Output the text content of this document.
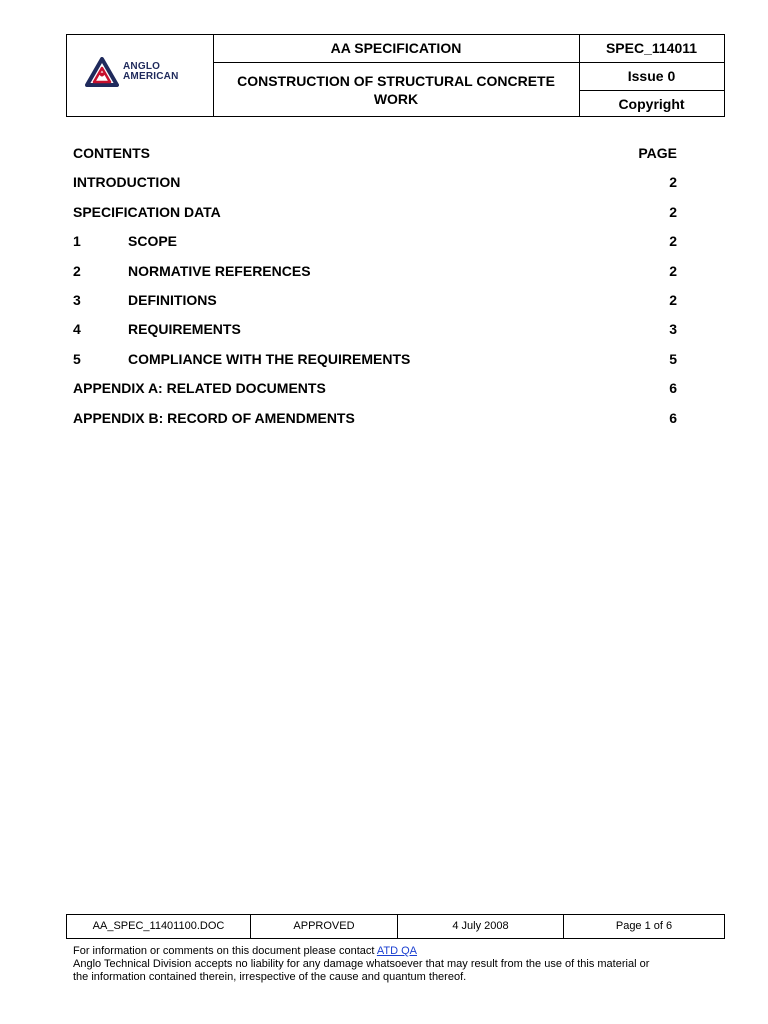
ANGLO
AMERICAN
AA SPECIFICATION
CONSTRUCTION OF STRUCTURAL CONCRETE WORK
SPEC_114011
Issue 0
Copyright
CONTENTS	PAGE
INTRODUCTION	2
SPECIFICATION DATA	2
1	SCOPE	2
2	NORMATIVE REFERENCES	2
3	DEFINITIONS	2
4	REQUIREMENTS	3
5	COMPLIANCE WITH THE REQUIREMENTS	5
APPENDIX A: RELATED DOCUMENTS	6
APPENDIX B: RECORD OF AMENDMENTS	6
AA_SPEC_11401100.DOC	APPROVED	4 July 2008	Page 1 of 6
For information or comments on this document please contact ATD QA
Anglo Technical Division accepts no liability for any damage whatsoever that may result from the use of this material or
the information contained therein, irrespective of the cause and quantum thereof.
